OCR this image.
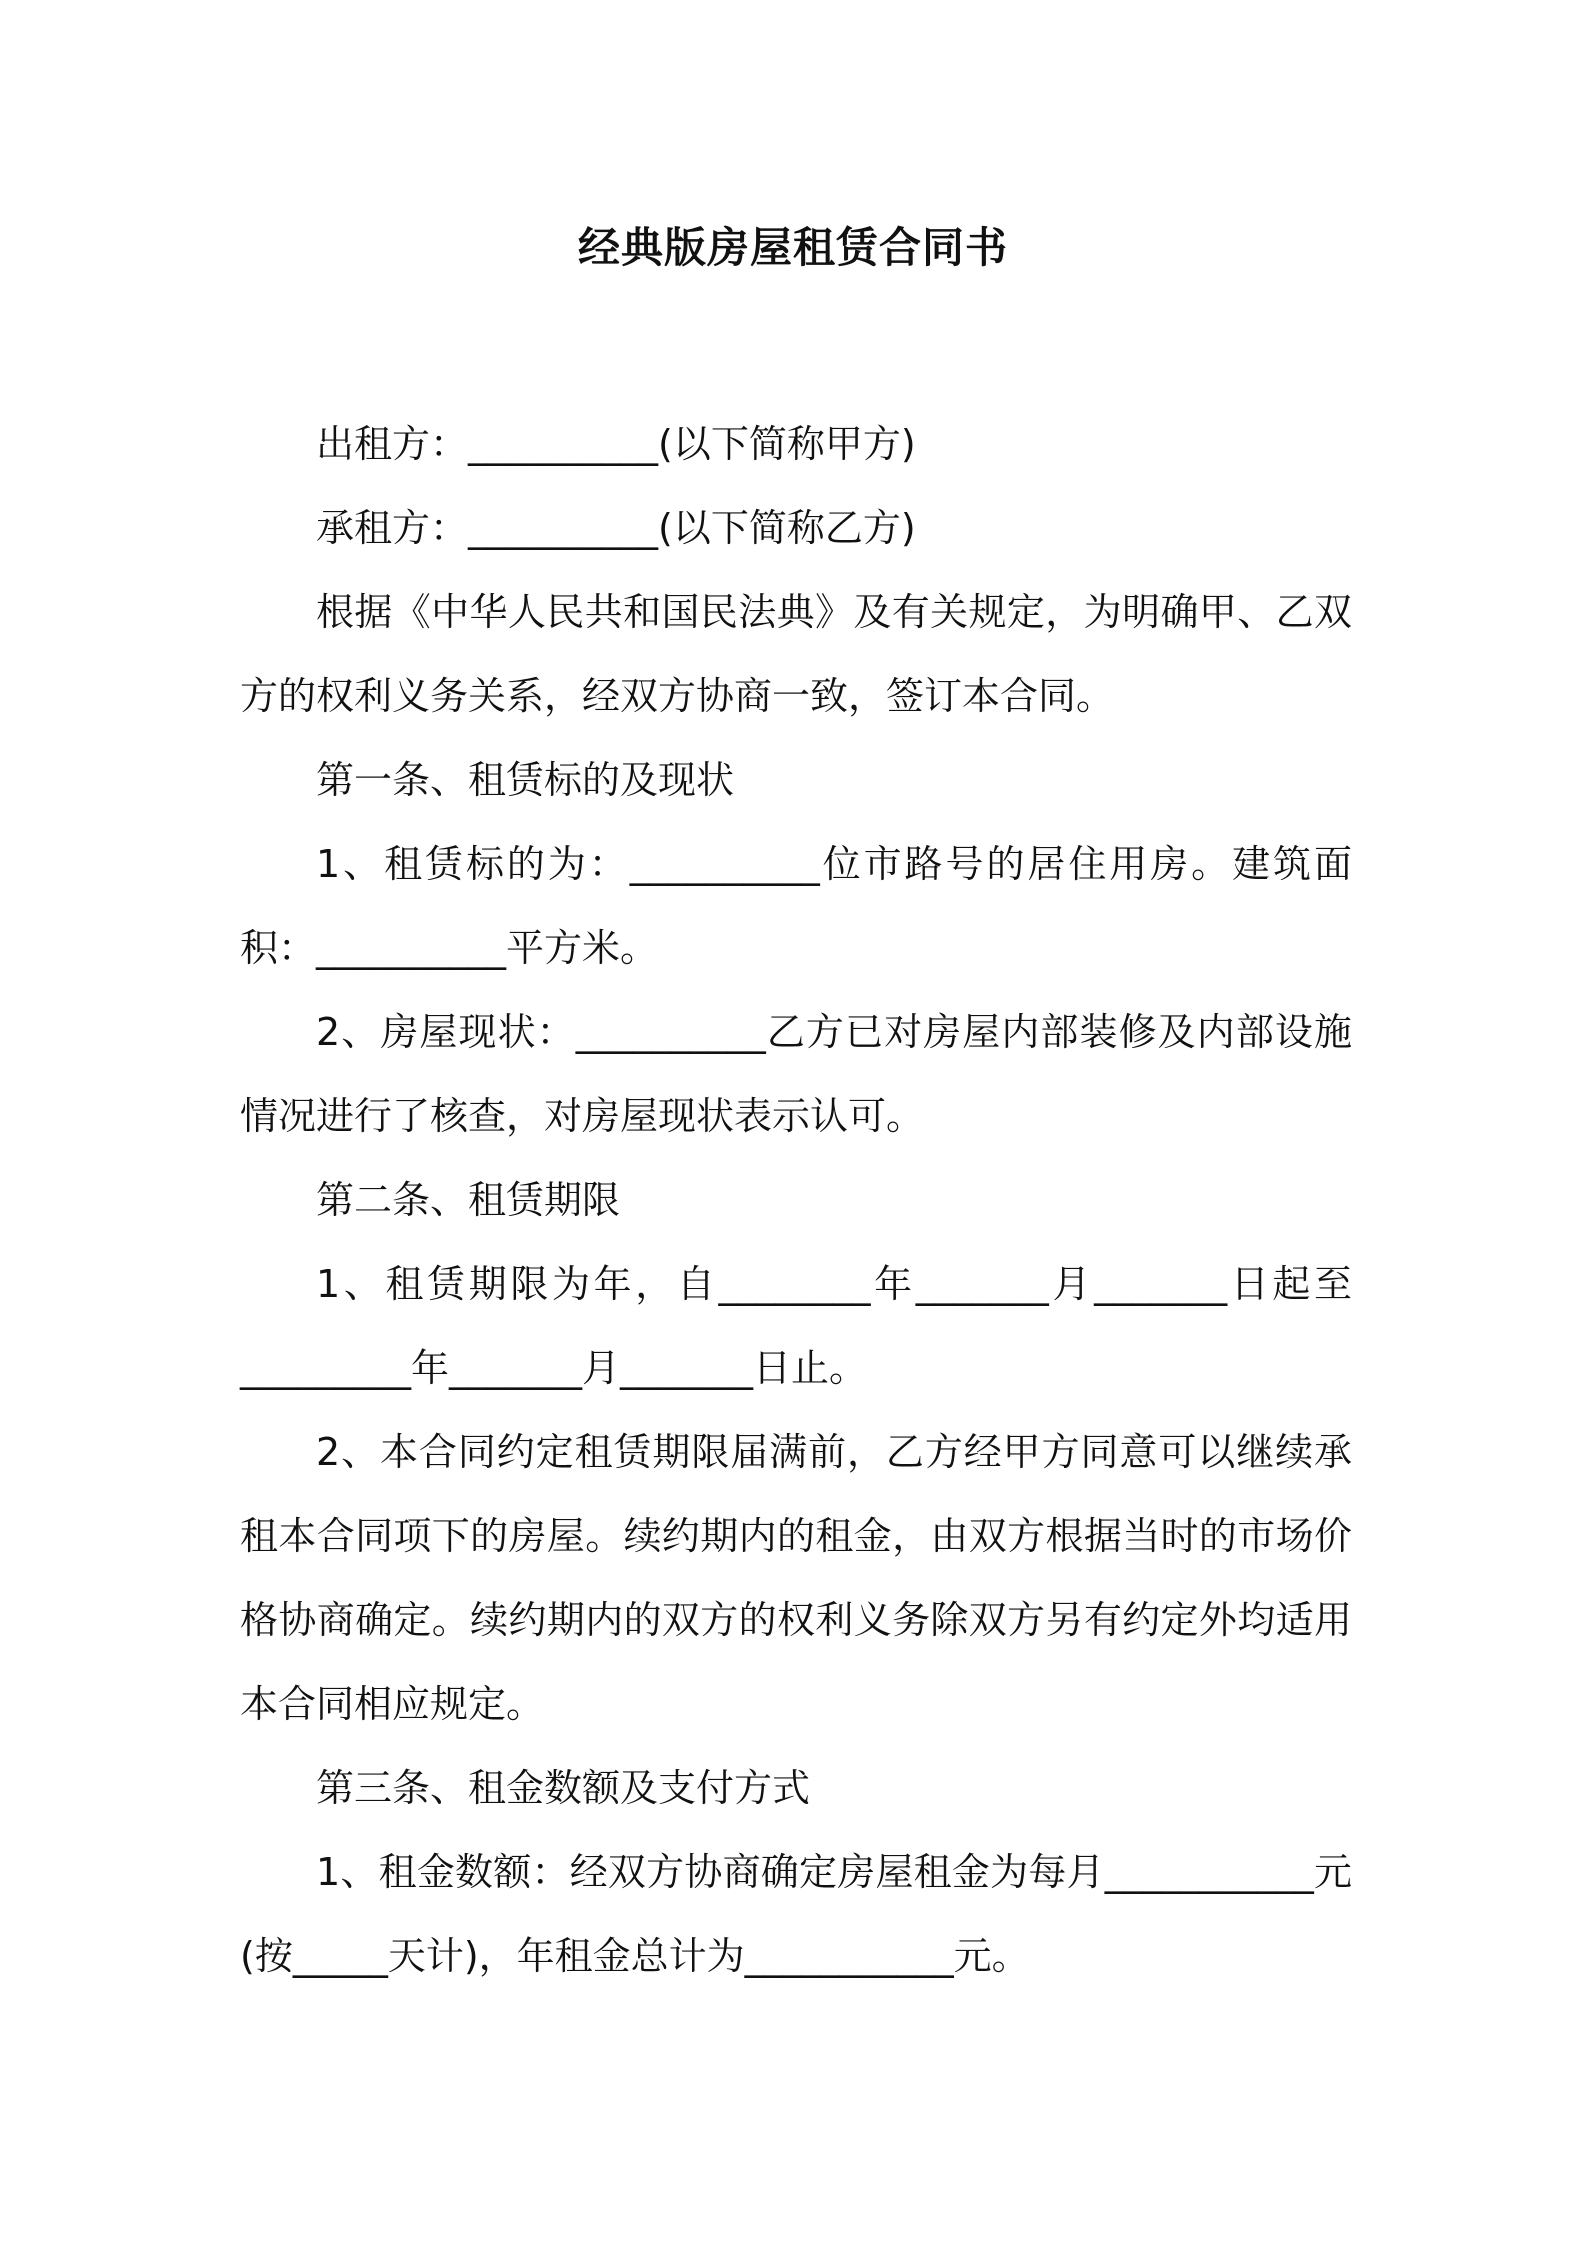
经典版房屋租赁合同书

出租方：__________(以下简称甲方)

承租方：__________(以下简称乙方)

根据《中华人民共和国民法典》及有关规定，为明确甲、乙双方的权利义务关系，经双方协商一致，签订本合同。

第一条、租赁标的及现状

1、租赁标的为：__________位市路号的居住用房。建筑面积：__________平方米。

2、房屋现状：__________乙方已对房屋内部装修及内部设施情况进行了核查，对房屋现状表示认可。

第二条、租赁期限

1、租赁期限为年，自________年_______月_______日起至_________年_______月_______日止。

2、本合同约定租赁期限届满前，乙方经甲方同意可以继续承租本合同项下的房屋。续约期内的租金，由双方根据当时的市场价格协商确定。续约期内的双方的权利义务除双方另有约定外均适用本合同相应规定。

第三条、租金数额及支付方式

1、租金数额：经双方协商确定房屋租金为每月___________元(按_____天计)，年租金总计为___________元。
